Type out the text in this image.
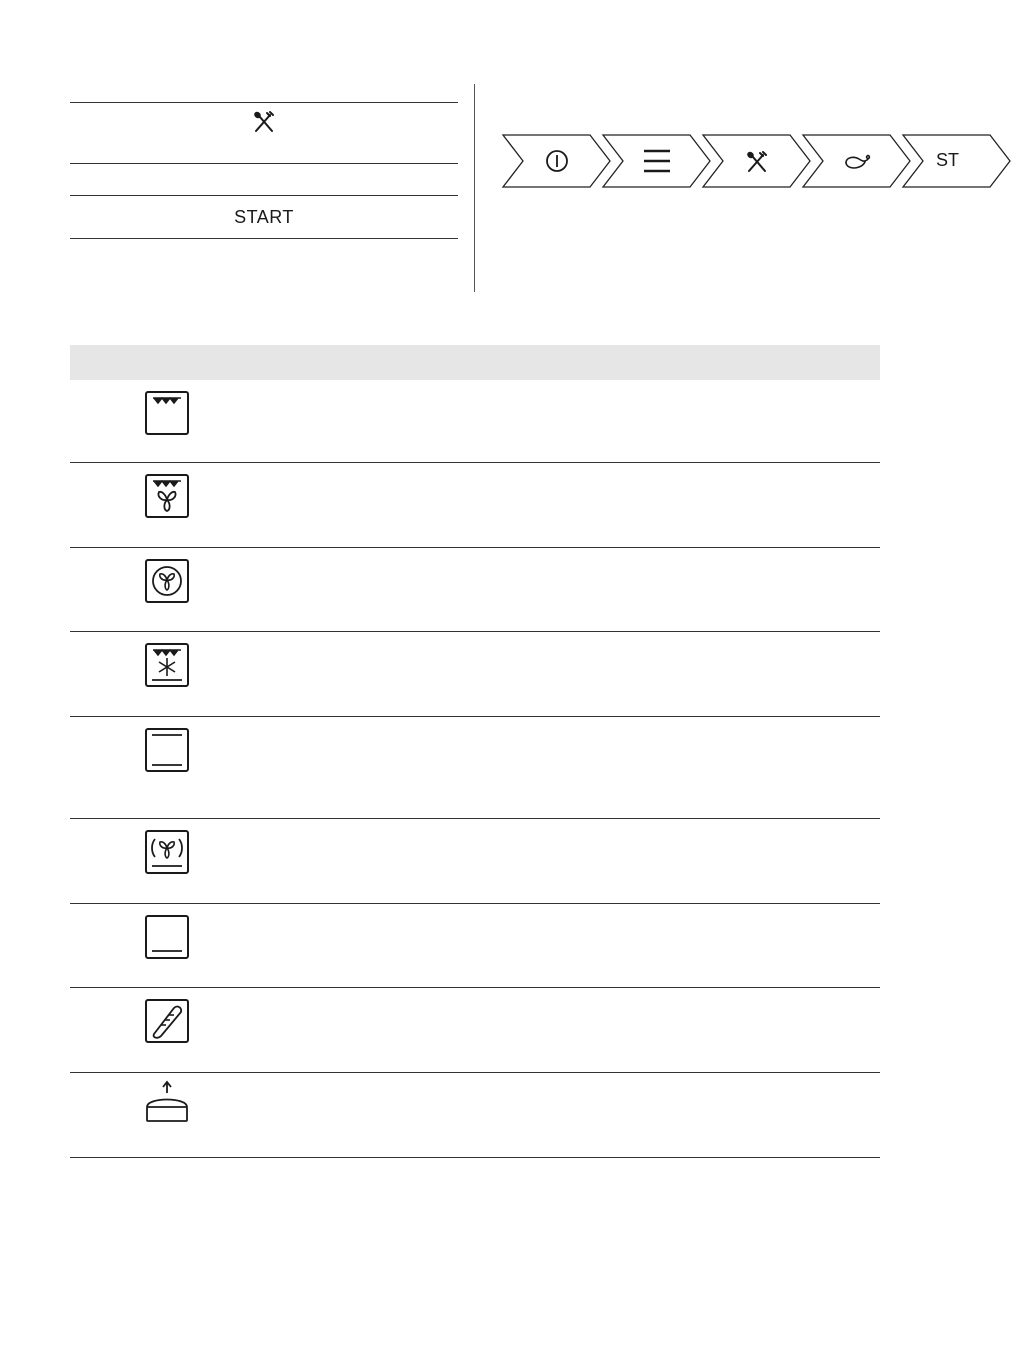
START
ST
